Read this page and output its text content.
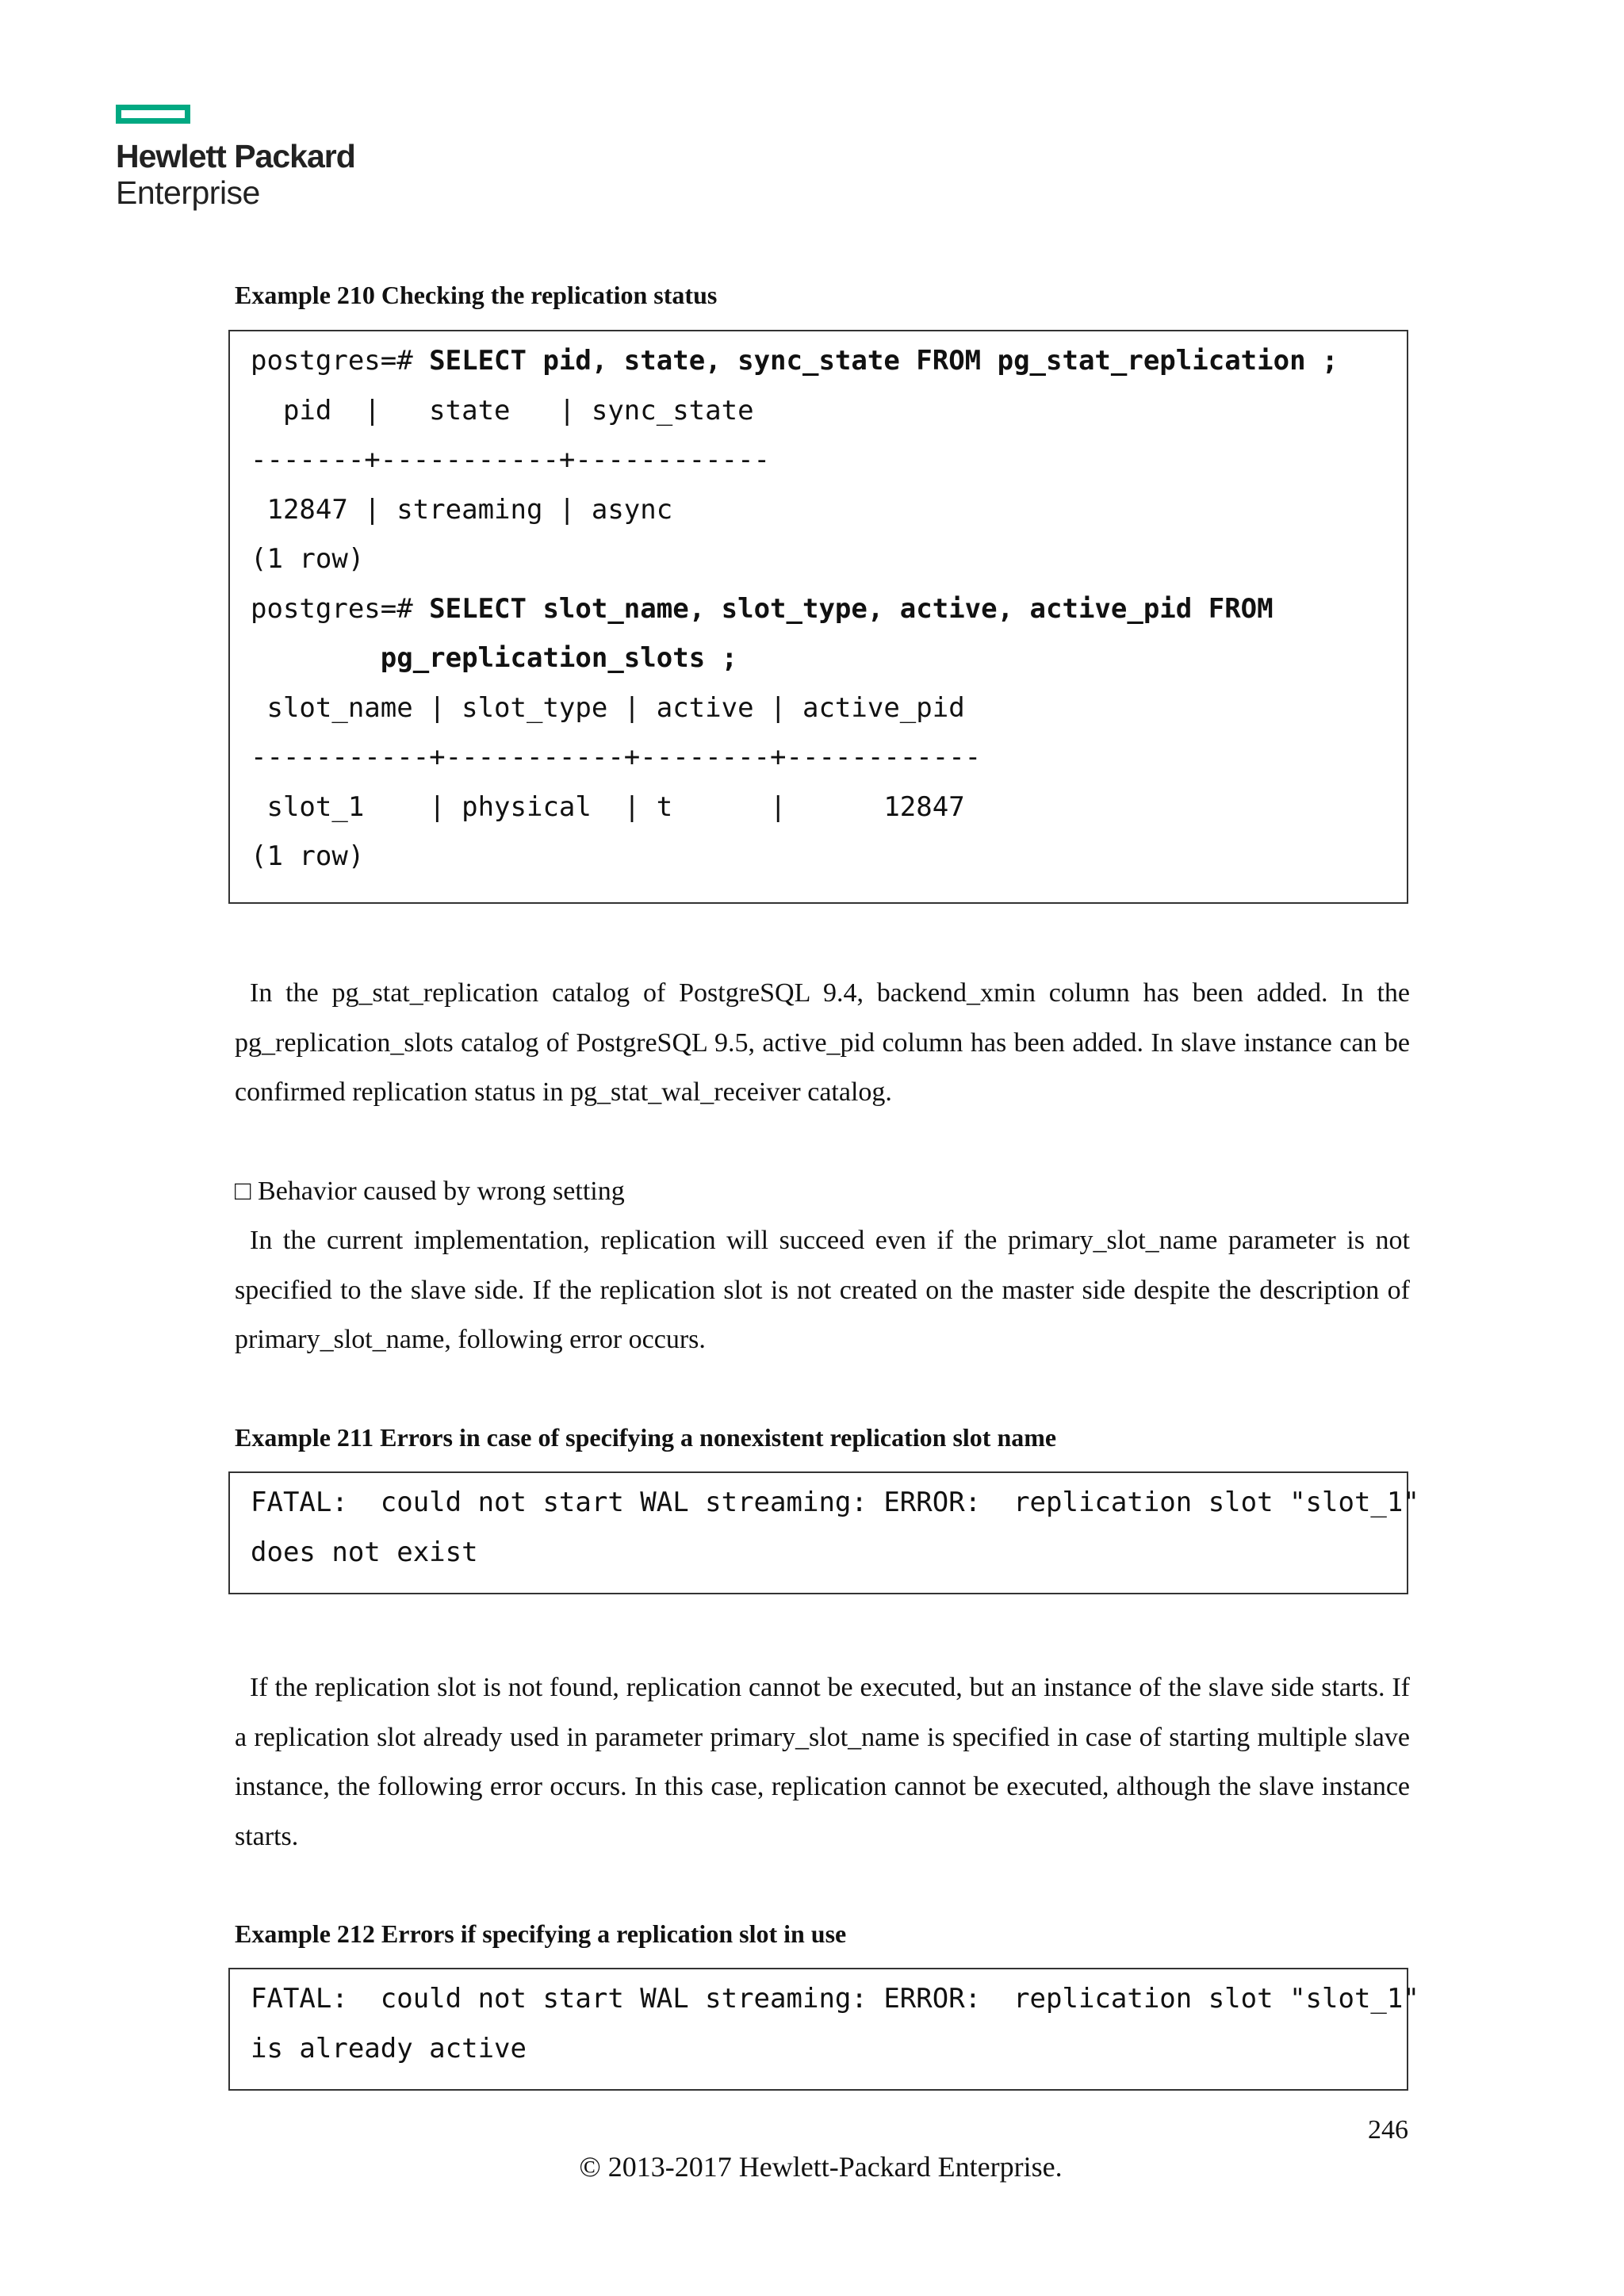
Hewlett Packard
Enterprise
Example 210 Checking the replication status
postgres=# SELECT pid, state, sync_state FROM pg_stat_replication ;
pid  |   state   | sync_state
-------+-----------+------------
12847 | streaming | async
(1 row)
postgres=# SELECT slot_name, slot_type, active, active_pid FROM
pg_replication_slots ;
slot_name | slot_type | active | active_pid
-----------+-----------+--------+------------
slot_1    | physical  | t      |      12847
(1 row)
In the pg_stat_replication catalog of PostgreSQL 9.4, backend_xmin column has been added. In the pg_replication_slots catalog of PostgreSQL 9.5, active_pid column has been added. In slave instance can be confirmed replication status in pg_stat_wal_receiver catalog.
□ Behavior caused by wrong setting
In the current implementation, replication will succeed even if the primary_slot_name parameter is not specified to the slave side. If the replication slot is not created on the master side despite the description of primary_slot_name, following error occurs.
Example 211 Errors in case of specifying a nonexistent replication slot name
FATAL:  could not start WAL streaming: ERROR:  replication slot "slot_1"
does not exist
If the replication slot is not found, replication cannot be executed, but an instance of the slave side starts. If a replication slot already used in parameter primary_slot_name is specified in case of starting multiple slave instance, the following error occurs. In this case, replication cannot be executed, although the slave instance starts.
Example 212 Errors if specifying a replication slot in use
FATAL:  could not start WAL streaming: ERROR:  replication slot "slot_1"
is already active
246
© 2013-2017 Hewlett-Packard Enterprise.
